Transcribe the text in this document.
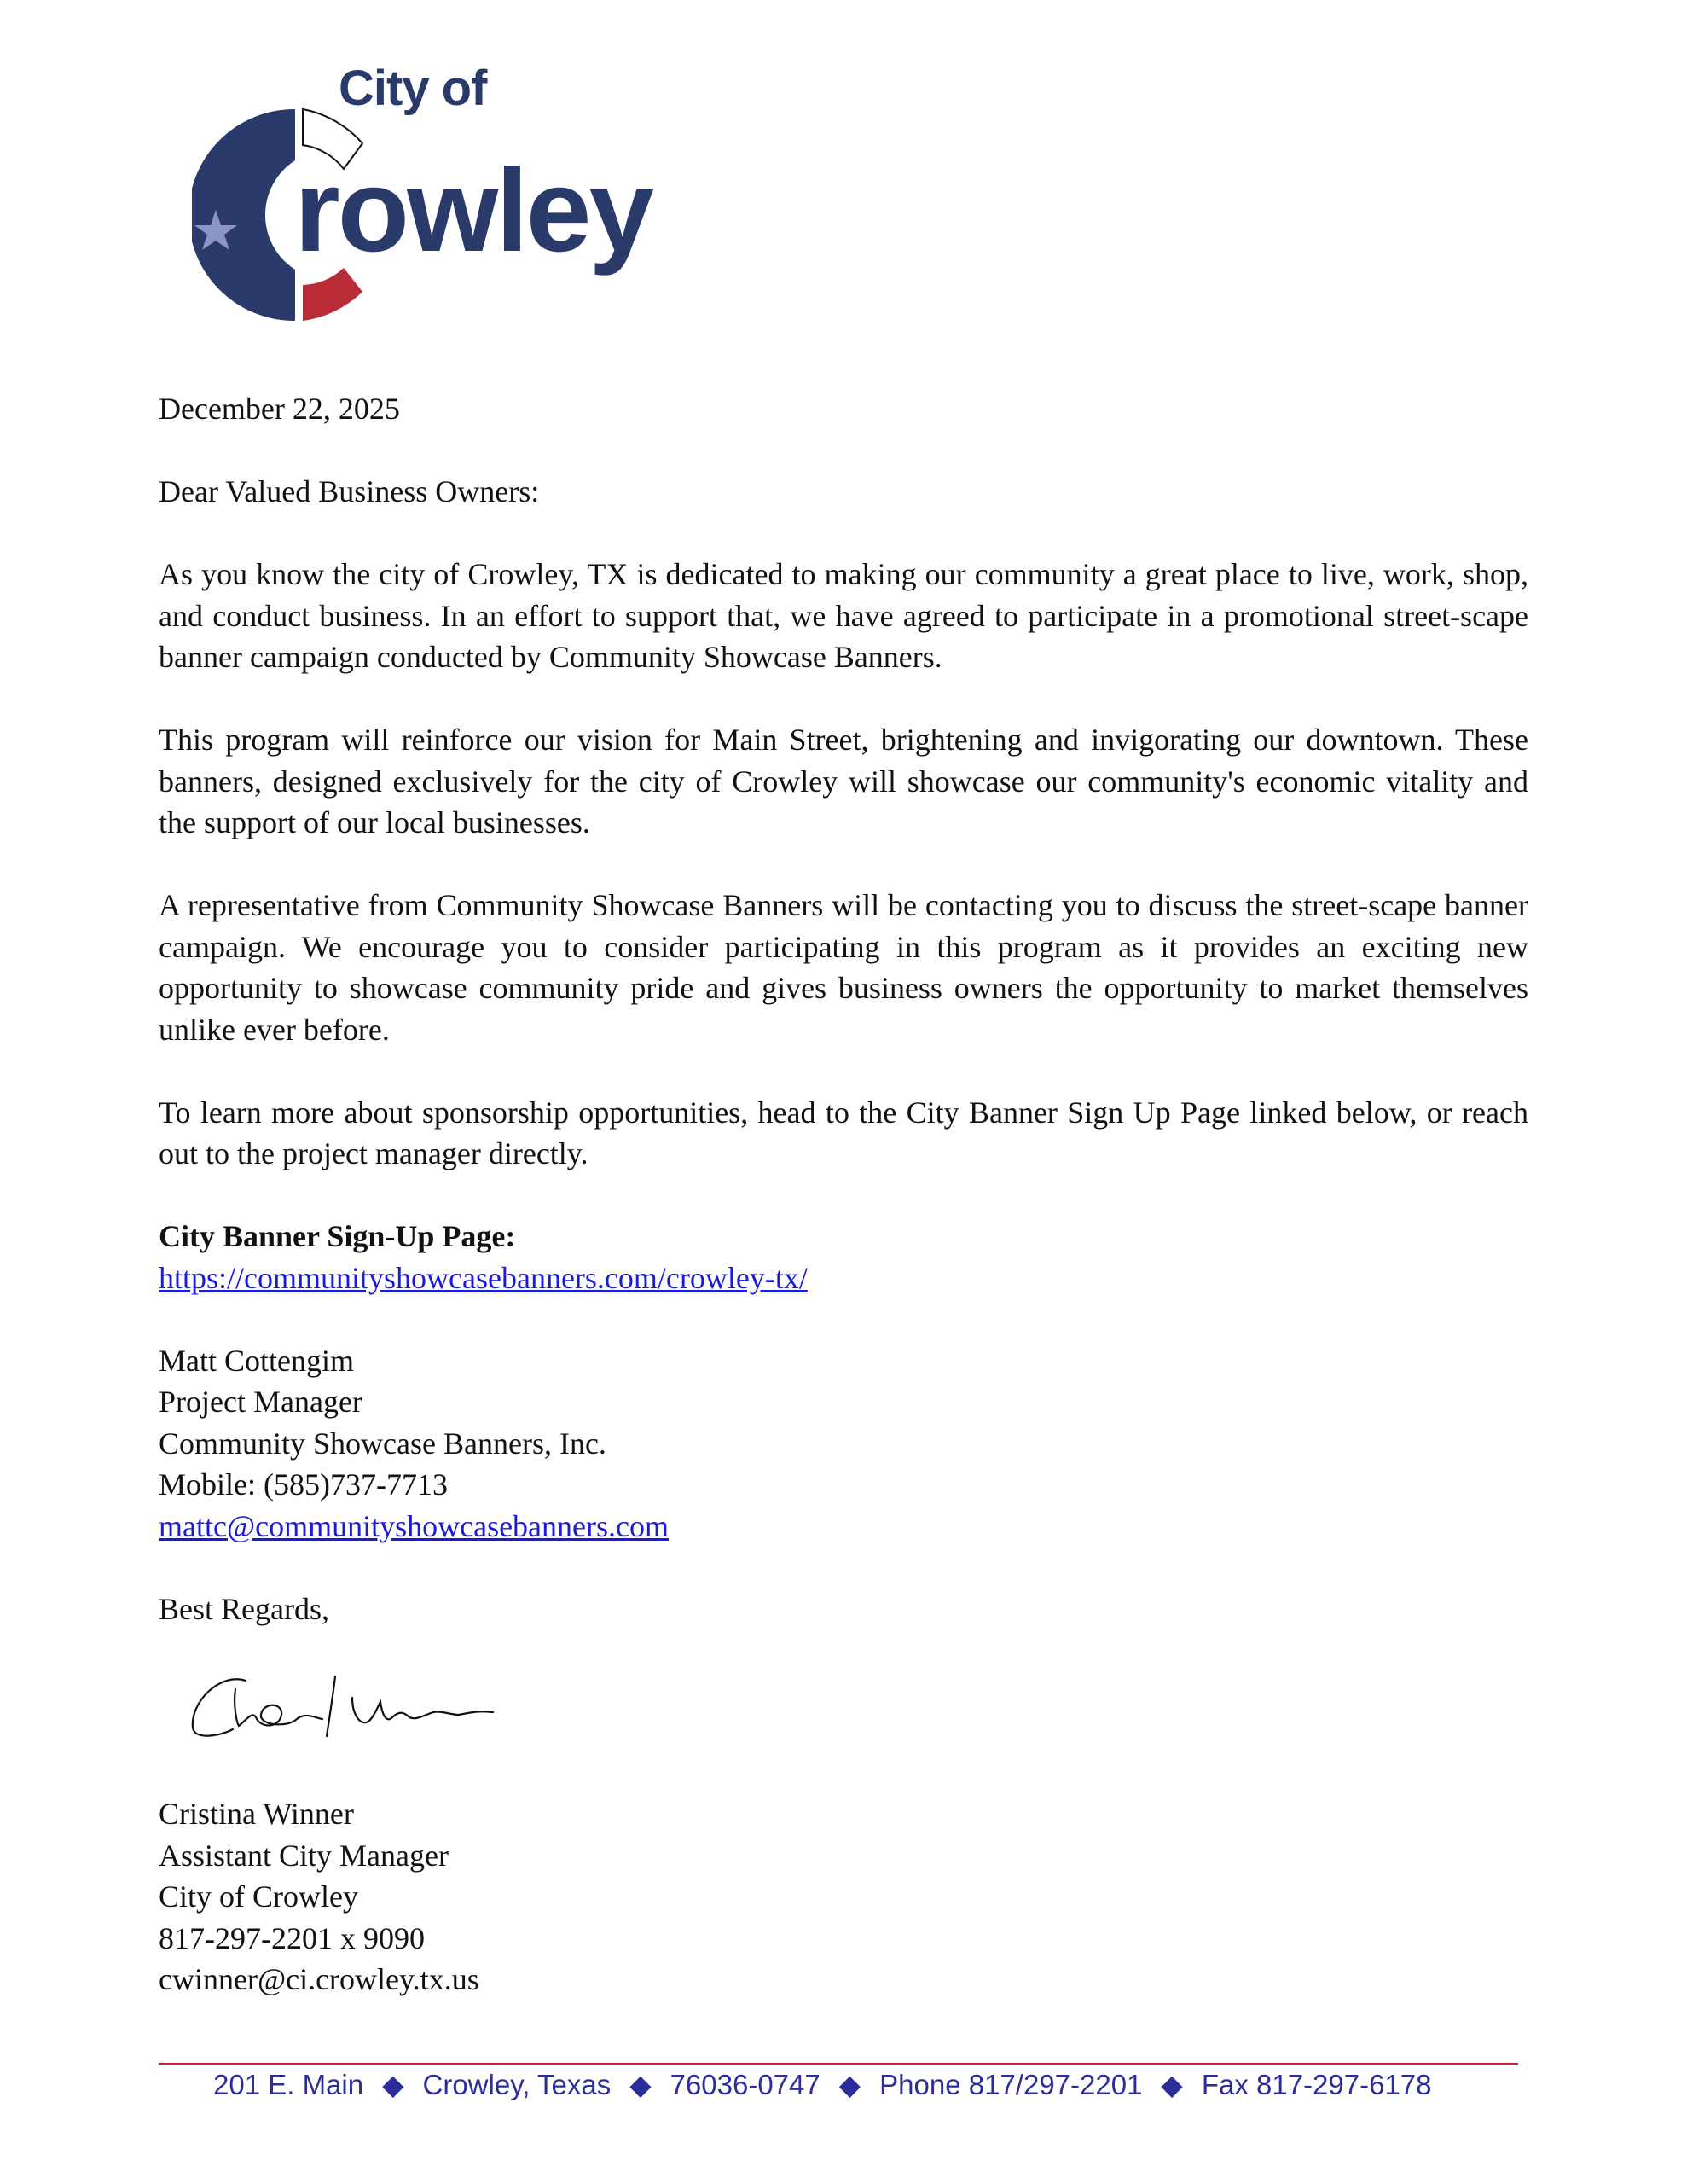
City of
rowley

December 22, 2025

Dear Valued Business Owners:

As you know the city of Crowley, TX is dedicated to making our community a great place to live, work, shop, and conduct business. In an effort to support that, we have agreed to participate in a promotional street-scape banner campaign conducted by Community Showcase Banners.

This program will reinforce our vision for Main Street, brightening and invigorating our downtown. These banners, designed exclusively for the city of Crowley will showcase our community's economic vitality and the support of our local businesses.

A representative from Community Showcase Banners will be contacting you to discuss the street-scape banner campaign. We encourage you to consider participating in this program as it provides an exciting new opportunity to showcase community pride and gives business owners the opportunity to market themselves unlike ever before.

To learn more about sponsorship opportunities, head to the City Banner Sign Up Page linked below, or reach out to the project manager directly.

City Banner Sign-Up Page:
https://communityshowcasebanners.com/crowley-tx/

Matt Cottengim
Project Manager
Community Showcase Banners, Inc.
Mobile: (585)737-7713
mattc@communityshowcasebanners.com

Best Regards,

Cristina Winner
Assistant City Manager
City of Crowley
817-297-2201 x 9090
cwinner@ci.crowley.tx.us
201 E. Main ◆ Crowley, Texas ◆ 76036-0747 ◆ Phone 817/297-2201 ◆ Fax 817-297-6178
